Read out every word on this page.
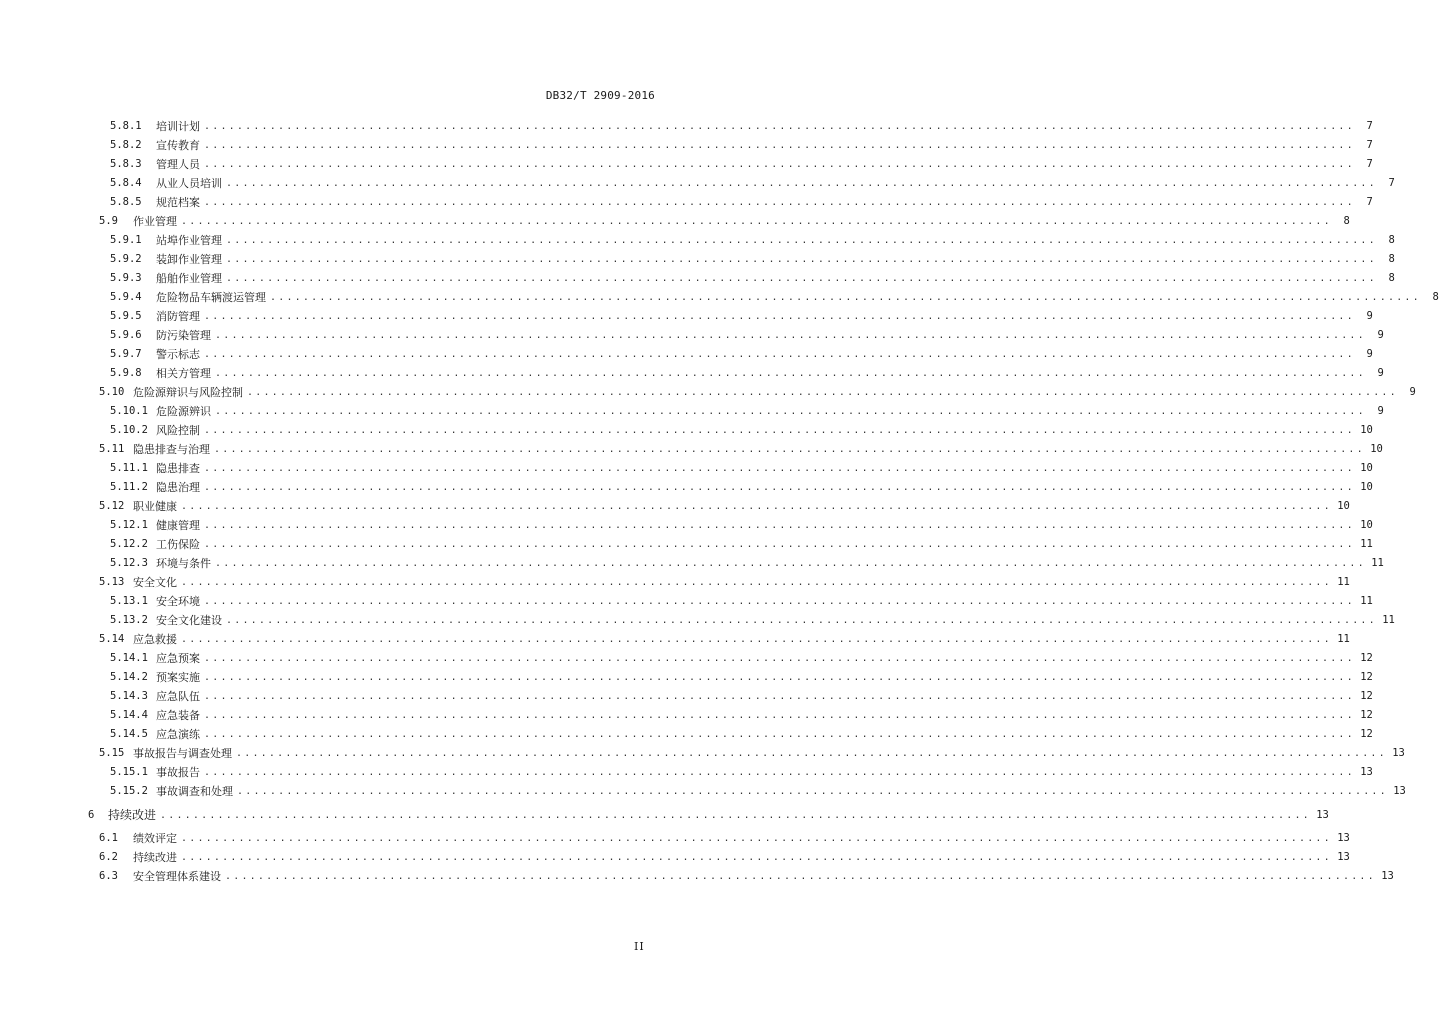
DB32/T 2909-2016
5.8.1	培训计划 ............................................................................................................................................	7
5.8.2	宣传教育 ............................................................................................................................................	7
5.8.3	管理人员 ............................................................................................................................................	7
5.8.4	从业人员培训 ............................................................................................................................................	7
5.8.5	规范档案 ............................................................................................................................................	7
5.9	作业管理 ............................................................................................................................................	8
5.9.1	站埠作业管理 ............................................................................................................................................	8
5.9.2	装卸作业管理 ............................................................................................................................................	8
5.9.3	船舶作业管理 ............................................................................................................................................	8
5.9.4	危险物品车辆渡运管理 ............................................................................................................................................	8
5.9.5	消防管理 ............................................................................................................................................	9
5.9.6	防污染管理 ............................................................................................................................................	9
5.9.7	警示标志 ............................................................................................................................................	9
5.9.8	相关方管理 ............................................................................................................................................	9
5.10 危险源辩识与风险控制 ............................................................................................................................................	9
5.10.1 危险源辨识 ............................................................................................................................................	9
5.10.2 风险控制 ............................................................................................................................................ 10
5.11 隐患排查与治理 ............................................................................................................................................ 10
5.11.1 隐患排查 ............................................................................................................................................ 10
5.11.2 隐患治理 ............................................................................................................................................ 10
5.12 职业健康 ............................................................................................................................................ 10
5.12.1 健康管理 ............................................................................................................................................ 10
5.12.2 工伤保险 ............................................................................................................................................ 11
5.12.3 环境与条件 ............................................................................................................................................ 11
5.13 安全文化 ............................................................................................................................................ 11
5.13.1 安全环境 ............................................................................................................................................ 11
5.13.2 安全文化建设 ............................................................................................................................................ 11
5.14 应急救援 ............................................................................................................................................ 11
5.14.1 应急预案 ............................................................................................................................................ 12
5.14.2 预案实施 ............................................................................................................................................ 12
5.14.3 应急队伍 ............................................................................................................................................ 12
5.14.4 应急装备 ............................................................................................................................................ 12
5.14.5 应急演练 ............................................................................................................................................ 12
5.15 事故报告与调查处理 ............................................................................................................................................ 13
5.15.1 事故报告 ............................................................................................................................................ 13
5.15.2 事故调查和处理 ............................................................................................................................................ 13
6	持续改进 ............................................................................................................................................ 13
6.1	绩效评定 ............................................................................................................................................ 13
6.2	持续改进 ............................................................................................................................................ 13
6.3	安全管理体系建设 ............................................................................................................................................ 13
II
